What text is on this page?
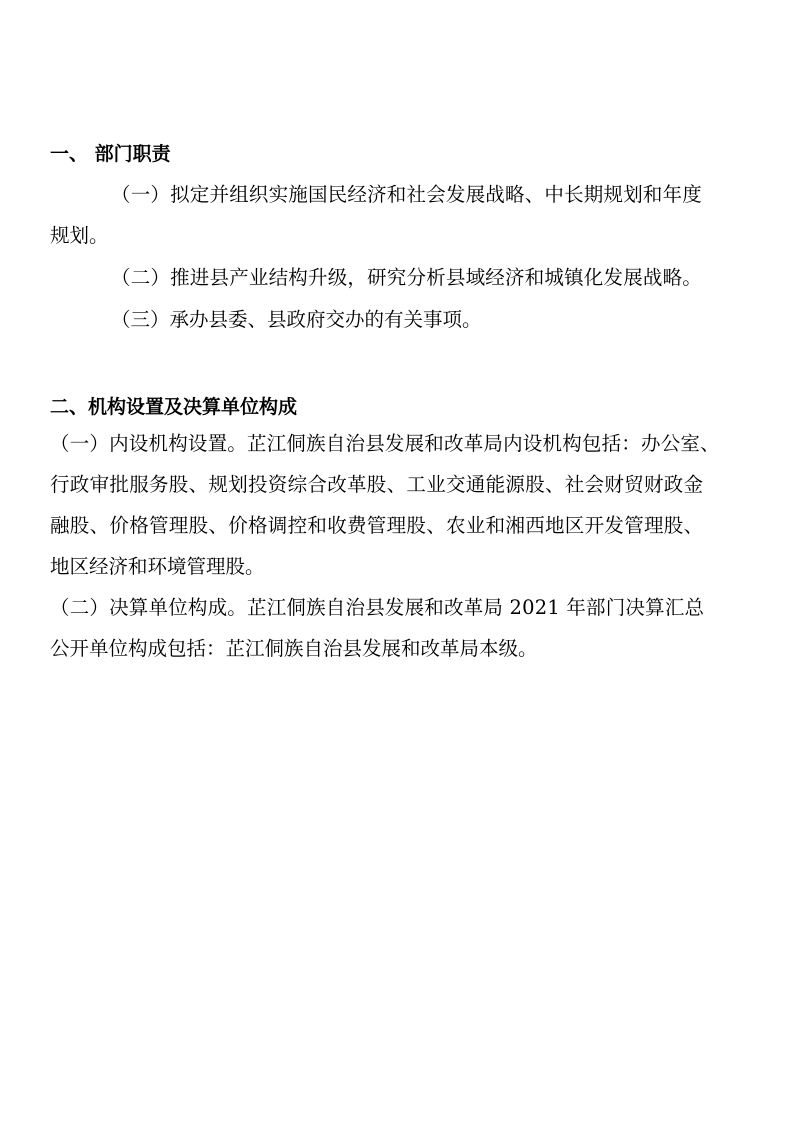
一、 部门职责
（一）拟定并组织实施国民经济和社会发展战略、中长期规划和年度
规划。
（二）推进县产业结构升级，研究分析县域经济和城镇化发展战略。
（三）承办县委、县政府交办的有关事项。
二、机构设置及决算单位构成
（一）内设机构设置。芷江侗族自治县发展和改革局内设机构包括：办公室、
行政审批服务股、规划投资综合改革股、工业交通能源股、社会财贸财政金
融股、价格管理股、价格调控和收费管理股、农业和湘西地区开发管理股、
地区经济和环境管理股。
（二）决算单位构成。芷江侗族自治县发展和改革局 2021 年部门决算汇总
公开单位构成包括：芷江侗族自治县发展和改革局本级。
